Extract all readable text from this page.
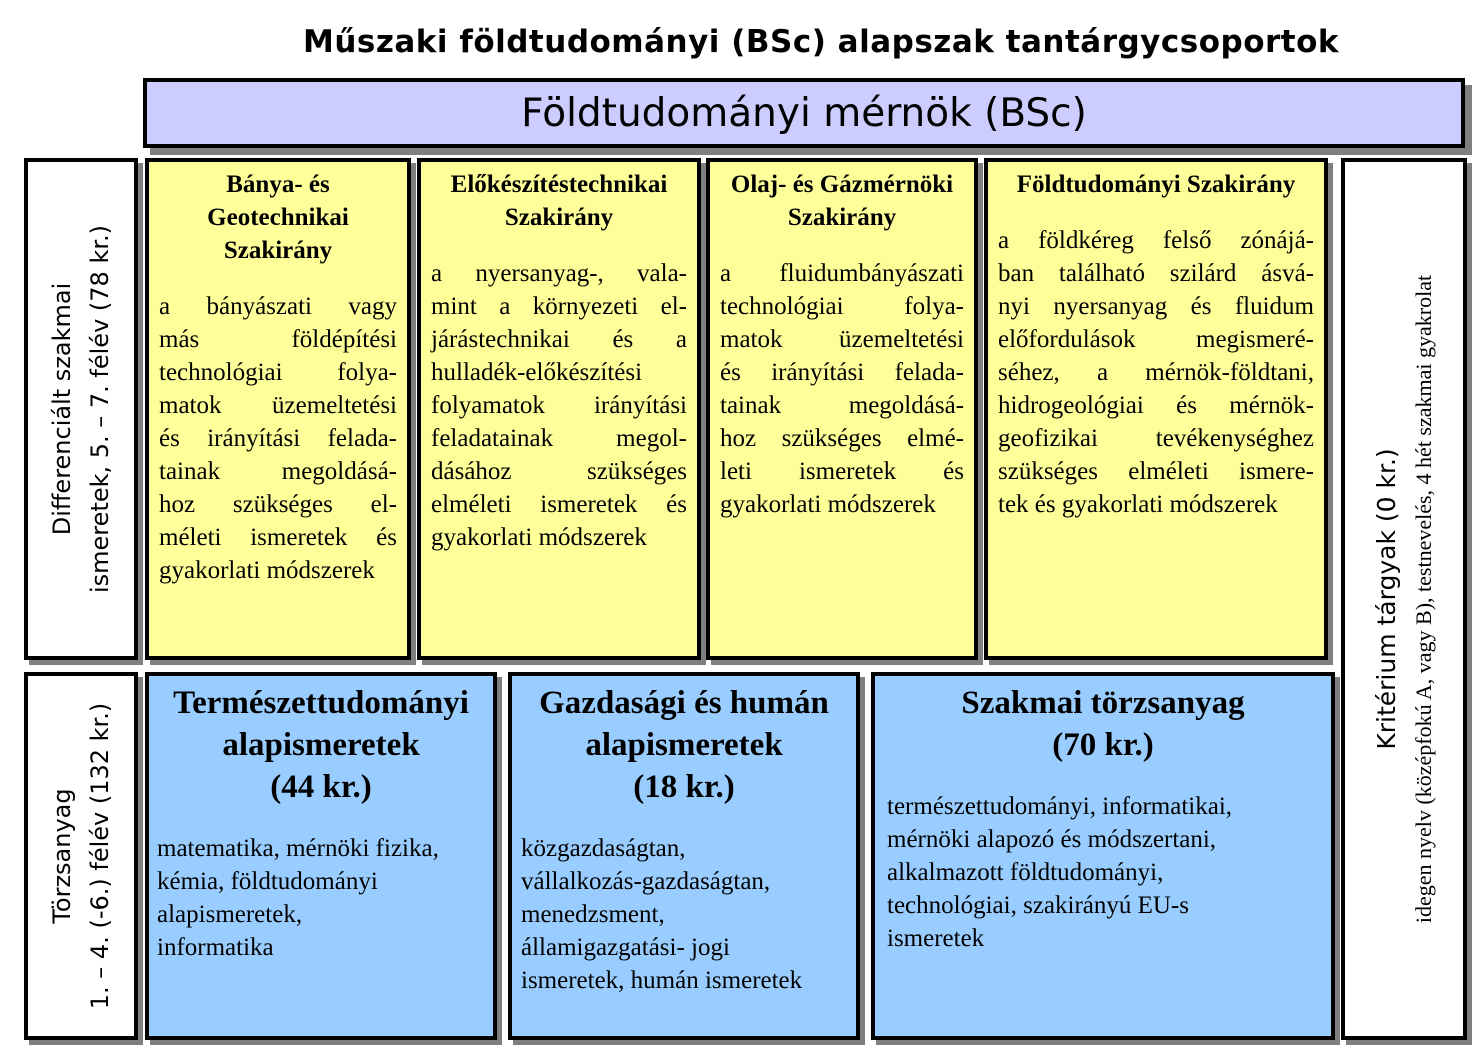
Műszaki földtudományi (BSc) alapszak tantárgycsoportok
Földtudományi mérnök (BSc)
Differenciált szakmai ismeretek, 5. – 7. félév (78 kr.)
Törzsanyag 1. – 4. (-6.) félév (132 kr.)
Kritérium tárgyak (0 kr.) idegen nyelv (középfokú A, vagy B), testnevelés, 4 hét szakmai gyakrolat
Bánya- és
Geotechnikai
Szakirány
a bányászati vagy
más földépítési
technológiai folya-
matok üzemeltetési
és irányítási felada-
tainak megoldásá-
hoz szükséges el-
méleti ismeretek és
gyakorlati módszerek
Előkészítéstechnikai
Szakirány
a nyersanyag-, vala-
mint a környezeti el-
járástechnikai és a
hulladék-előkészítési
folyamatok irányítási
feladatainak megol-
dásához szükséges
elméleti ismeretek és
gyakorlati módszerek
Olaj- és Gázmérnöki
Szakirány
a fluidumbányászati
technológiai folya-
matok üzemeltetési
és irányítási felada-
tainak megoldásá-
hoz szükséges elmé-
leti ismeretek és
gyakorlati módszerek
Földtudományi Szakirány
a földkéreg felső zónájá-
ban található szilárd ásvá-
nyi nyersanyag és fluidum
előfordulások megismeré-
séhez, a mérnök-földtani,
hidrogeológiai és mérnök-
geofizikai tevékenységhez
szükséges elméleti ismere-
tek és gyakorlati módszerek
Természettudományi
alapismeretek
(44 kr.)
matematika, mérnöki fizika,
kémia, földtudományi
alapismeretek,
informatika
Gazdasági és humán
alapismeretek
(18 kr.)
közgazdaságtan,
vállalkozás-gazdaságtan,
menedzsment,
államigazgatási- jogi
ismeretek, humán ismeretek
Szakmai törzsanyag
(70 kr.)
természettudományi, informatikai,
mérnöki alapozó és módszertani,
alkalmazott földtudományi,
technológiai, szakirányú EU-s
ismeretek
